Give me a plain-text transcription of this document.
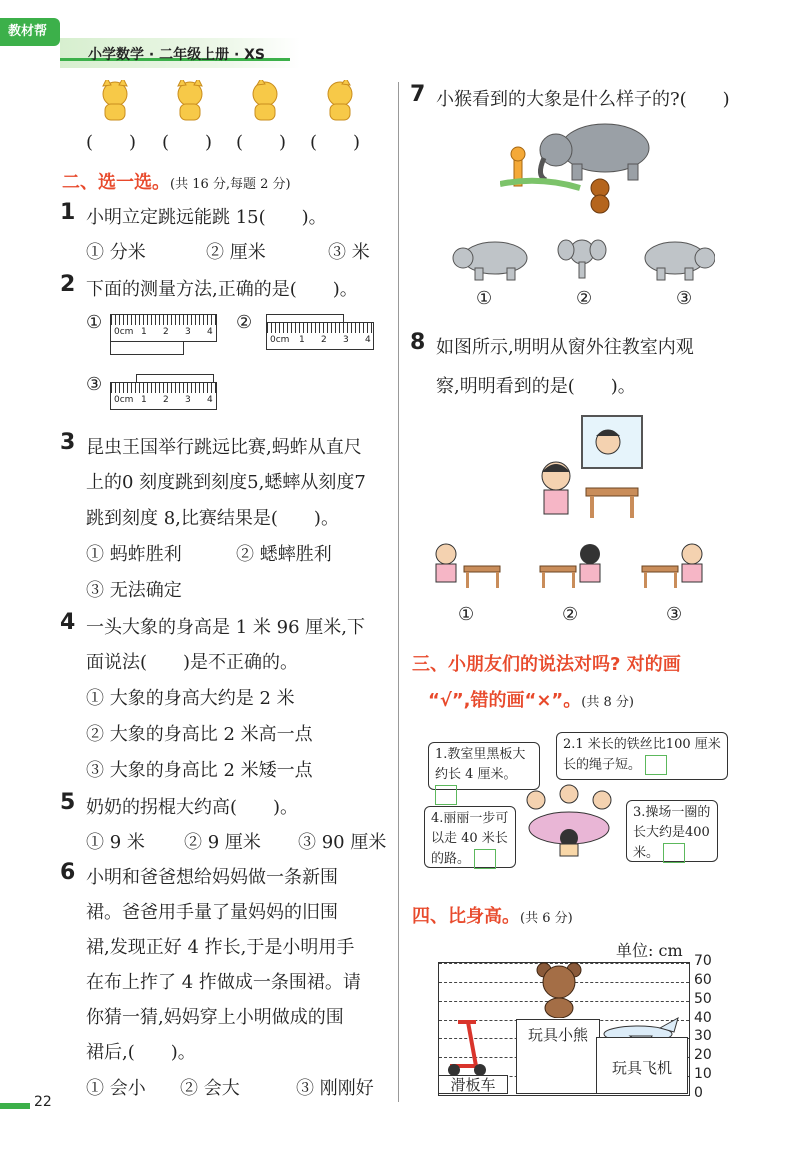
教材帮
小学数学 · 二年级上册 · XS
22
(　　) (　　) (　　) (　　)
二、选一选。(共 16 分,每题 2 分)
1 小明立定跳远能跳 15(　　)。
① 分米	② 厘米	③ 米
2 下面的测量方法,正确的是(　　)。
① 0cm 1 2 3 4 ②
0cm 1 2 3 4
③
0cm 1 2 3 4
3 昆虫王国举行跳远比赛,蚂蚱从直尺
上的0 刻度跳到刻度5,蟋蟀从刻度7
跳到刻度 8,比赛结果是(　　)。
① 蚂蚱胜利	② 蟋蟀胜利
③ 无法确定
4 一头大象的身高是 1 米 96 厘米,下
面说法(　　)是不正确的。
① 大象的身高大约是 2 米
② 大象的身高比 2 米高一点
③ 大象的身高比 2 米矮一点
5 奶奶的拐棍大约高(　　)。
① 9 米 ② 9 厘米 ③ 90 厘米
6 小明和爸爸想给妈妈做一条新围
裙。爸爸用手量了量妈妈的旧围
裙,发现正好 4 拃长,于是小明用手
在布上拃了 4 拃做成一条围裙。请
你猜一猜,妈妈穿上小明做成的围
裙后,(　　)。
① 会小 ② 会大	③ 刚刚好
7 小猴看到的大象是什么样子的?(　　)
①	②	③
8 如图所示,明明从窗外往教室内观
察,明明看到的是(　　)。
①	②	③
三、小朋友们的说法对吗? 对的画
“√”,错的画“×”。(共 8 分)
1.教室里黑板大约长 4 厘米。
2.1 米长的铁丝比100 厘米长的绳子短。
4.丽丽一步可以走 40 米长的路。
3.操场一圈的长大约是400米。
四、比身高。(共 6 分)
单位: cm
0
10
20
30
40
50
60
70
玩具小熊
玩具飞机
滑板车
